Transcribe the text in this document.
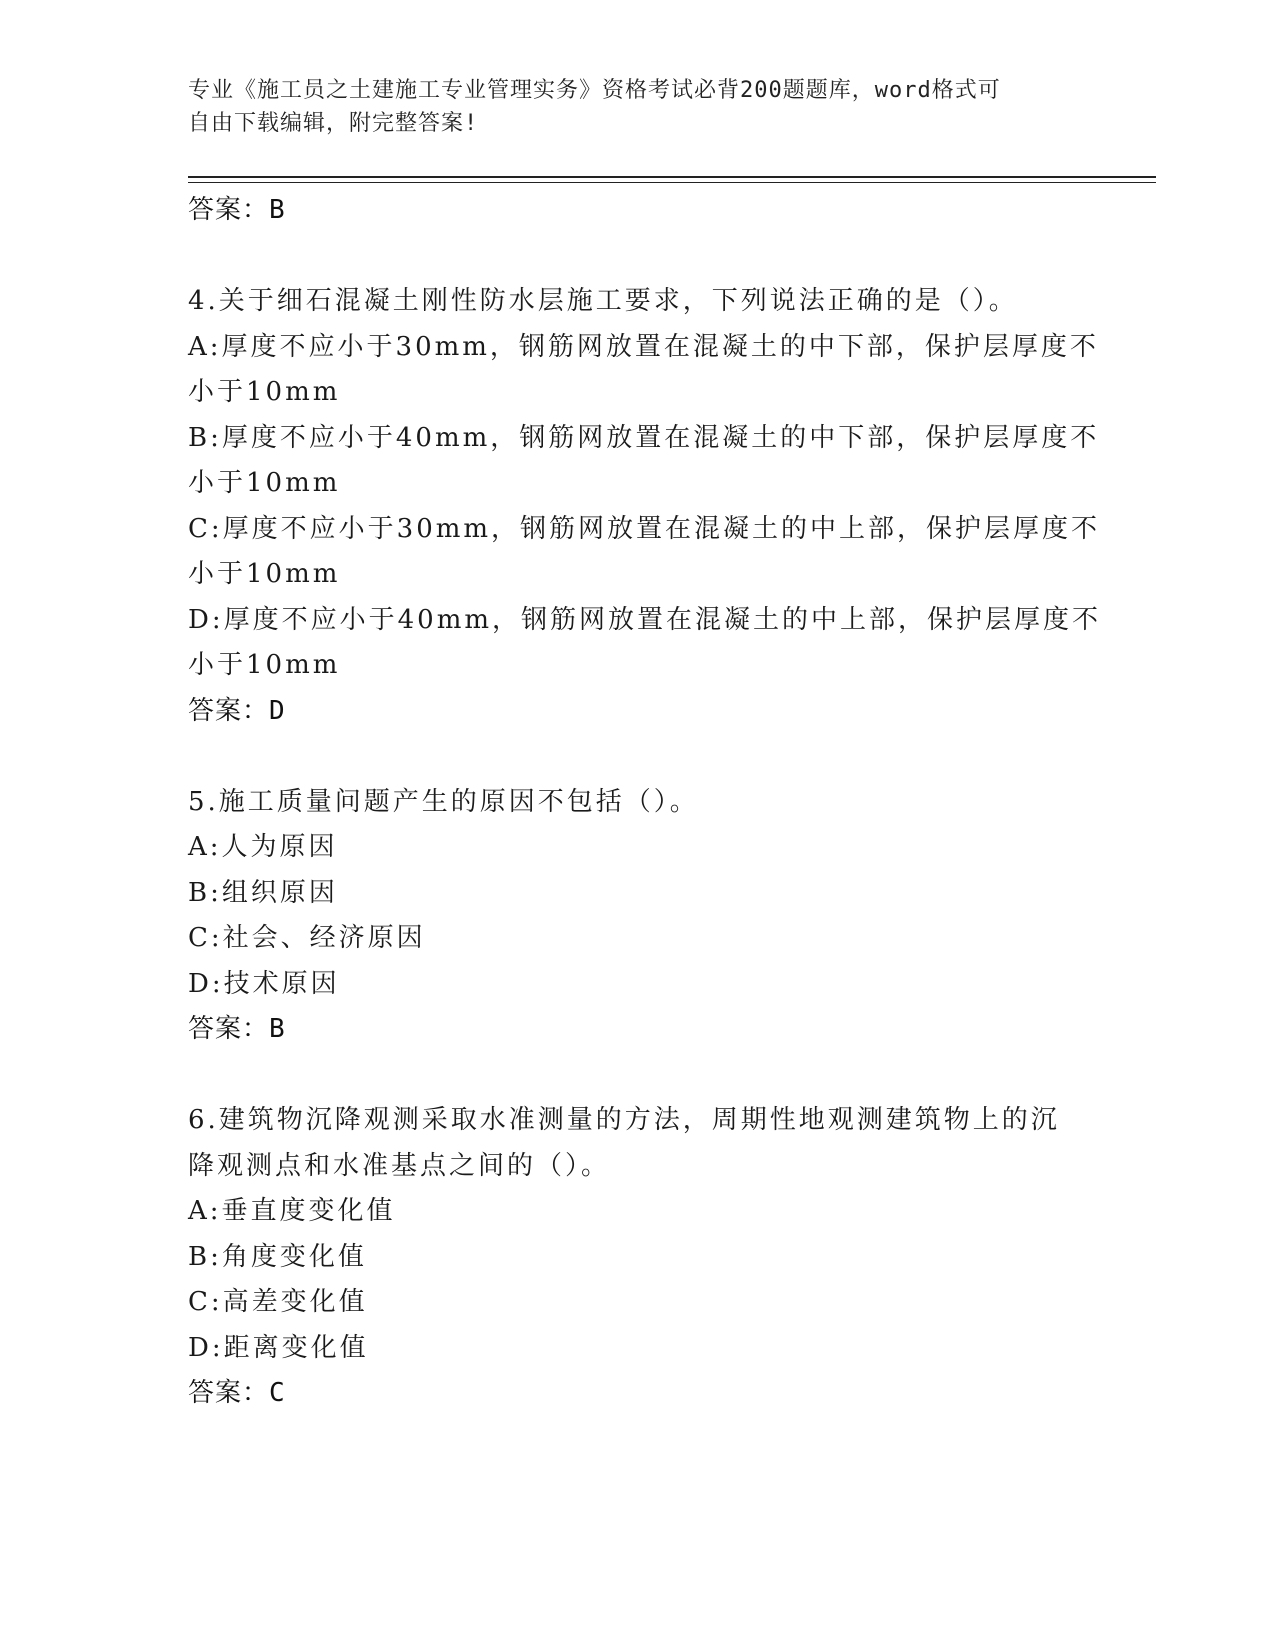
专业《施工员之土建施工专业管理实务》资格考试必背200题题库，word格式可
自由下载编辑，附完整答案!
答案：B
4.关于细石混凝土刚性防水层施工要求，下列说法正确的是（）。
A:厚度不应小于30mm，钢筋网放置在混凝土的中下部，保护层厚度不
小于10mm
B:厚度不应小于40mm，钢筋网放置在混凝土的中下部，保护层厚度不
小于10mm
C:厚度不应小于30mm，钢筋网放置在混凝土的中上部，保护层厚度不
小于10mm
D:厚度不应小于40mm，钢筋网放置在混凝土的中上部，保护层厚度不
小于10mm
答案：D
5.施工质量问题产生的原因不包括（）。
A:人为原因
B:组织原因
C:社会、经济原因
D:技术原因
答案：B
6.建筑物沉降观测采取水准测量的方法，周期性地观测建筑物上的沉
降观测点和水准基点之间的（）。
A:垂直度变化值
B:角度变化值
C:高差变化值
D:距离变化值
答案：C
